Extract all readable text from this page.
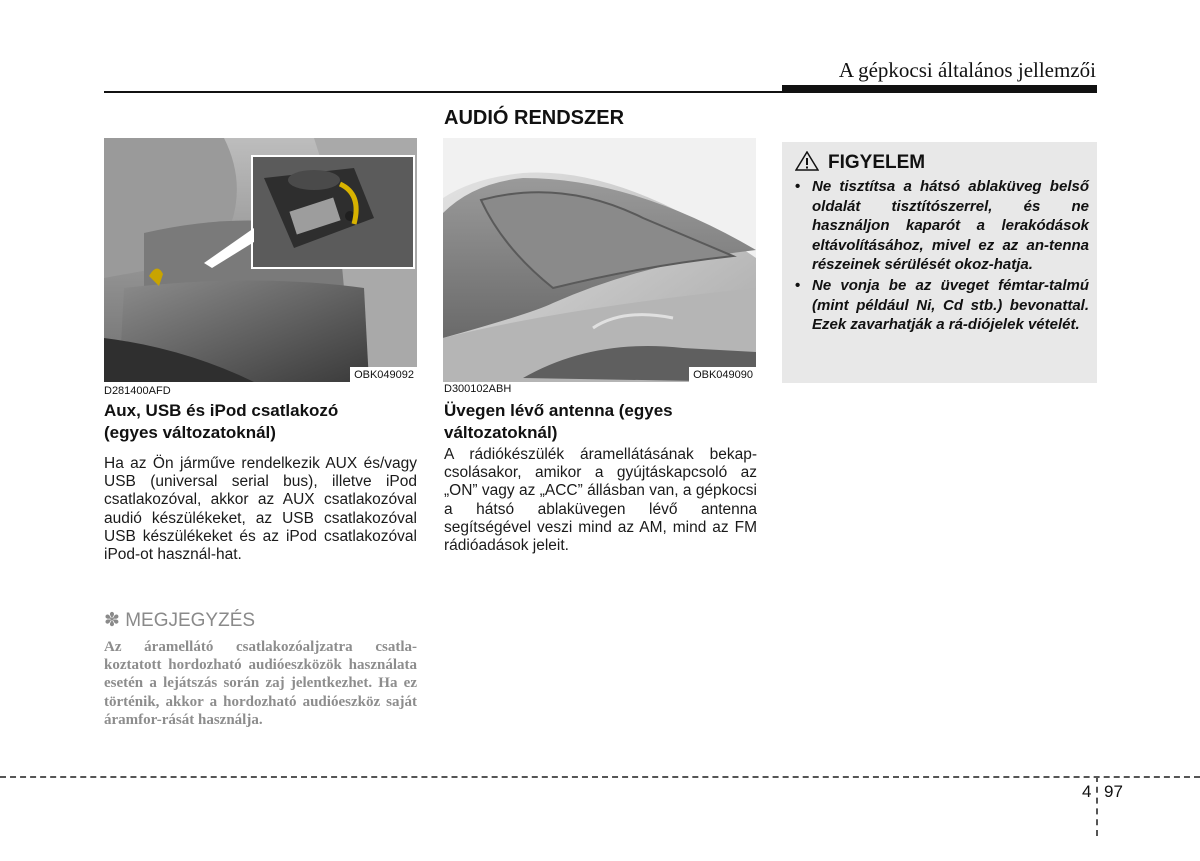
A gépkocsi általános jellemzői
AUDIÓ RENDSZER
OBK049092	OBK049090
D281400AFD
Aux, USB és iPod csatlakozó
(egyes változatoknál)
Ha az Ön járműve rendelkezik AUX és/vagy USB (universal serial bus), illetve iPod csatlakozóval, akkor az AUX csatlakozóval audió készülékeket, az USB csatlakozóval USB készülékeket és az iPod csatlakozóval iPod-ot használ-hat.
✽ MEGJEGYZÉS
Az áramellátó csatlakozóaljzatra csatla-koztatott hordozható audióeszközök használata esetén a lejátszás során zaj jelentkezhet. Ha ez történik, akkor a hordozható audióeszköz saját áramfor-rását használja.
D300102ABH
Üvegen lévő antenna (egyes
változatoknál)
A rádiókészülék áramellátásának bekap-csolásakor, amikor a gyújtáskapcsoló az „ON” vagy az „ACC” állásban van, a gépkocsi a hátsó ablaküvegen lévő antenna segítségével veszi mind az AM, mind az FM rádióadások jeleit.
FIGYELEM
• Ne tisztítsa a hátsó ablaküveg belső oldalát tisztítószerrel, és ne használjon kaparót a lerakódások eltávolításához, mivel ez az an-tenna részeinek sérülését okoz-hatja.
• Ne vonja be az üveget fémtar-talmú (mint például Ni, Cd stb.) bevonattal. Ezek zavarhatják a rá-diójelek vételét.
4 97
